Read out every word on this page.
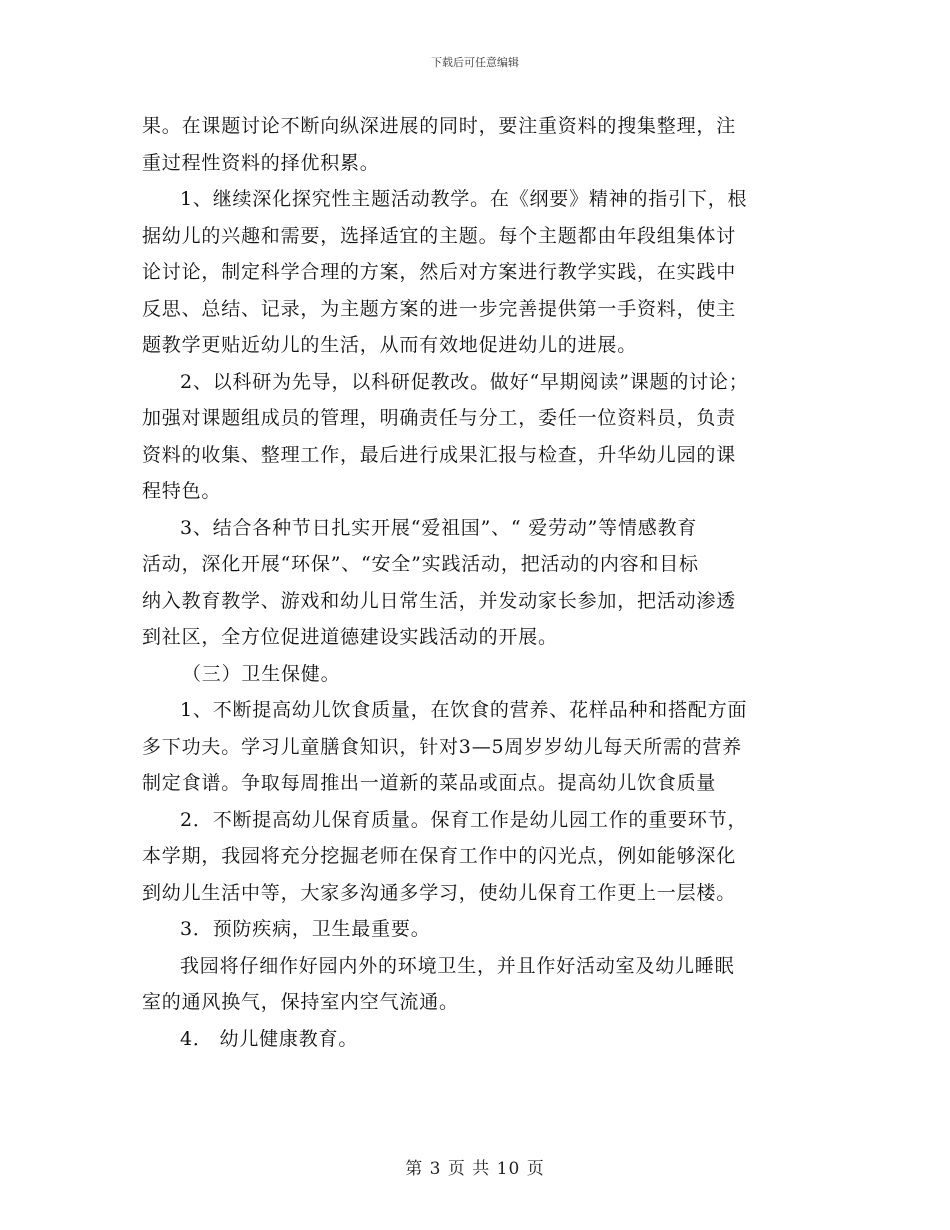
下载后可任意编辑
果。在课题讨论不断向纵深进展的同时，要注重资料的搜集整理，注
重过程性资料的择优积累。
1、继续深化探究性主题活动教学。在《纲要》精神的指引下，根
据幼儿的兴趣和需要，选择适宜的主题。每个主题都由年段组集体讨
论讨论，制定科学合理的方案，然后对方案进行教学实践，在实践中
反思、总结、记录，为主题方案的进一步完善提供第一手资料，使主
题教学更贴近幼儿的生活，从而有效地促进幼儿的进展。
2、以科研为先导，以科研促教改。做好“早期阅读”课题的讨论；
加强对课题组成员的管理，明确责任与分工，委任一位资料员，负责
资料的收集、整理工作，最后进行成果汇报与检查，升华幼儿园的课
程特色。
3、结合各种节日扎实开展“爱祖国”、“ 爱劳动”等情感教育
活动，深化开展“环保”、“安全”实践活动，把活动的内容和目标
纳入教育教学、游戏和幼儿日常生活，并发动家长参加，把活动渗透
到社区，全方位促进道德建设实践活动的开展。
（三）卫生保健。
1、不断提高幼儿饮食质量，在饮食的营养、花样品种和搭配方面
多下功夫。学习儿童膳食知识，针对3—5周岁岁幼儿每天所需的营养
制定食谱。争取每周推出一道新的菜品或面点。提高幼儿饮食质量
2．不断提高幼儿保育质量。保育工作是幼儿园工作的重要环节，
本学期，我园将充分挖掘老师在保育工作中的闪光点，例如能够深化
到幼儿生活中等，大家多沟通多学习，使幼儿保育工作更上一层楼。
3．预防疾病，卫生最重要。
我园将仔细作好园内外的环境卫生，并且作好活动室及幼儿睡眠
室的通风换气，保持室内空气流通。
4． 幼儿健康教育。
第 3 页 共 10 页
